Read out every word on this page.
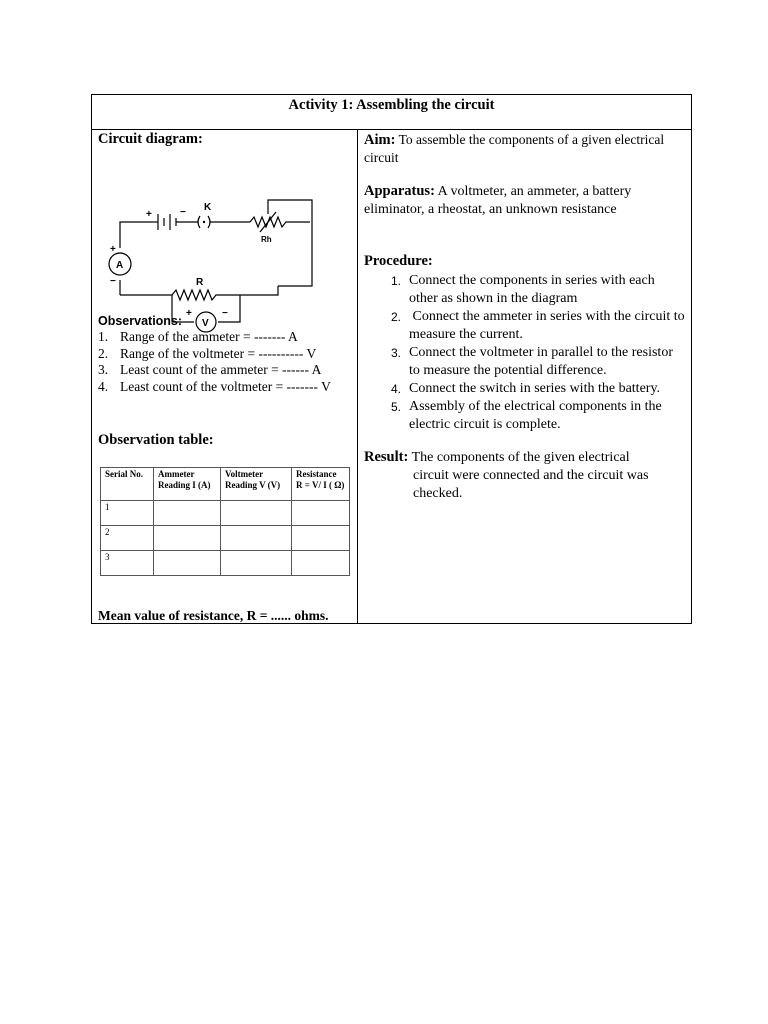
Activity 1: Assembling the circuit
Circuit diagram:
+	− K
Rh
R
+
−
+	−
A
V
Observations:
1. Range of the ammeter = ------- A
2. Range of the voltmeter = ---------- V
3. Least count of the ammeter = ------ A
4. Least count of the voltmeter = ------- V
Observation table:
Serial No.	Ammeter Reading I (A)	Voltmeter Reading V (V)	Resistance R = V/ I ( Ω)
1			
2			
3			
Mean value of resistance, R = ...... ohms.
Aim: To assemble the components of a given electrical circuit
Apparatus: A voltmeter, an ammeter, a battery eliminator, a rheostat, an unknown resistance
Procedure:
1. Connect the components in series with each other as shown in the diagram
2. Connect the ammeter in series with the circuit to measure the current.
3. Connect the voltmeter in parallel to the resistor to measure the potential difference.
4. Connect the switch in series with the battery.
5. Assembly of the electrical components in the electric circuit is complete.
Result: The components of the given electrical
circuit were connected and the circuit was checked.
